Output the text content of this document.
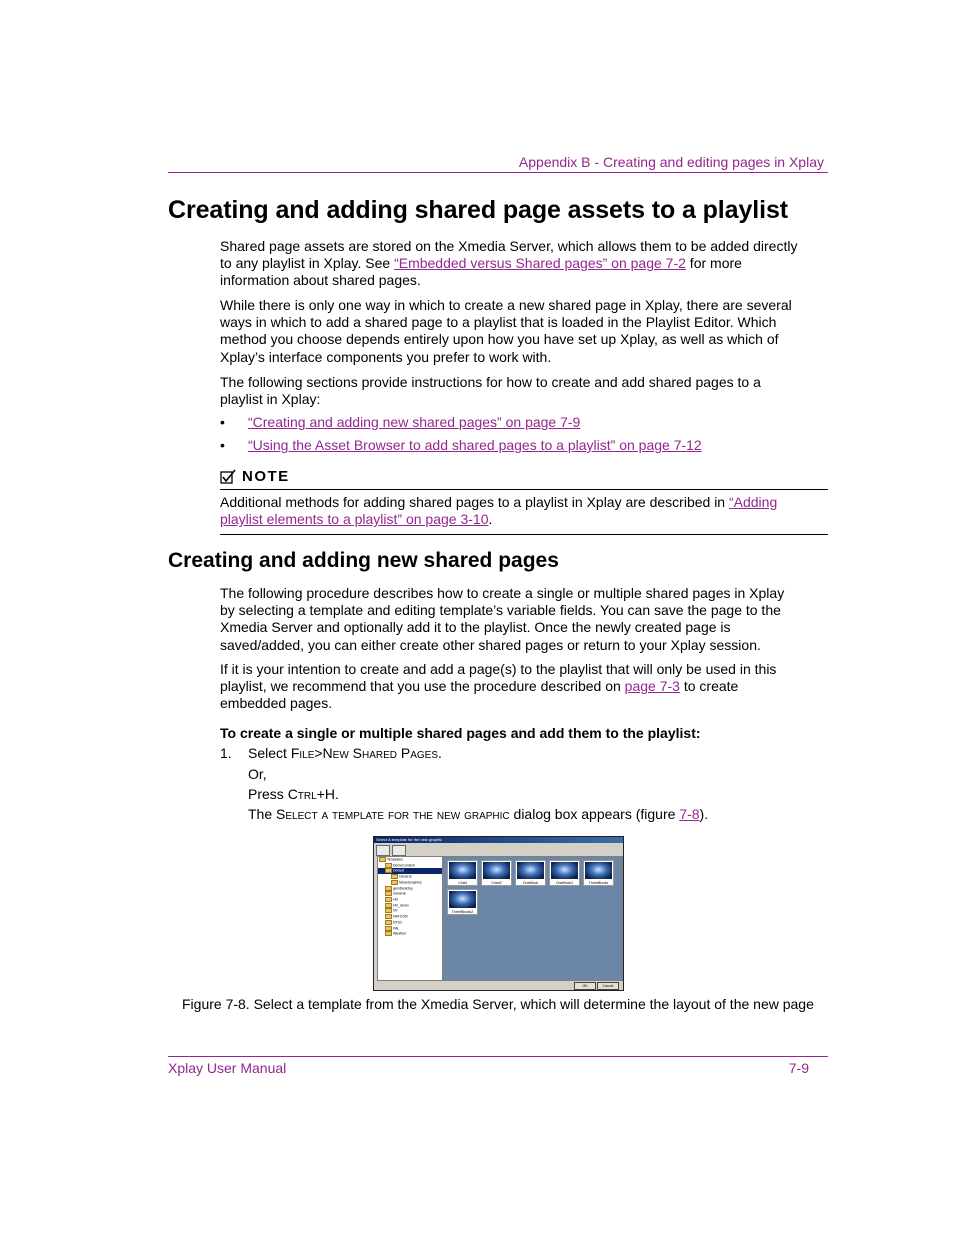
Appendix B - Creating and editing pages in Xplay
Creating and adding shared page assets to a playlist

Shared page assets are stored on the Xmedia Server, which allows them to be added directly to any playlist in Xplay. See “Embedded versus Shared pages” on page 7-2 for more information about shared pages.

While there is only one way in which to create a new shared page in Xplay, there are several ways in which to add a shared page to a playlist that is loaded in the Playlist Editor. Which method you choose depends entirely upon how you have set up Xplay, as well as which of Xplay’s interface components you prefer to work with.

The following sections provide instructions for how to create and add shared pages to a playlist in Xplay:

• “Creating and adding new shared pages” on page 7-9
• “Using the Asset Browser to add shared pages to a playlist” on page 7-12
NOTE

Additional methods for adding shared pages to a playlist in Xplay are described in “Adding playlist elements to a playlist” on page 3-10.

Creating and adding new shared pages

The following procedure describes how to create a single or multiple shared pages in Xplay by selecting a template and editing template’s variable fields. You can save the page to the Xmedia Server and optionally add it to the playlist. Once the newly created page is saved/added, you can either create other shared pages or return to your Xplay session.

If it is your intention to create and add a page(s) to the playlist that will only be used in this playlist, we recommend that you use the procedure described on page 7-3 to create embedded pages.

To create a single or multiple shared pages and add them to the playlist:

1. Select File>New Shared Pages.
Or,
Press Ctrl+H.
The Select a template for the new graphic dialog box appears (figure 7-8).
Select A template for the new graphic
Templates
DemoContent
Default
General
NewsGraphics
gemDesktop
General
HD
HD_demo
NY
NATCON
NTSC
PAL
Weather
Chart	Chart2	OneBlock	OneBlock2	ThreeBlocks
ThreeBlocks2
OK	Cancel
Figure 7-8. Select a template from the Xmedia Server, which will determine the layout of the new page
Xplay User Manual	7-9
